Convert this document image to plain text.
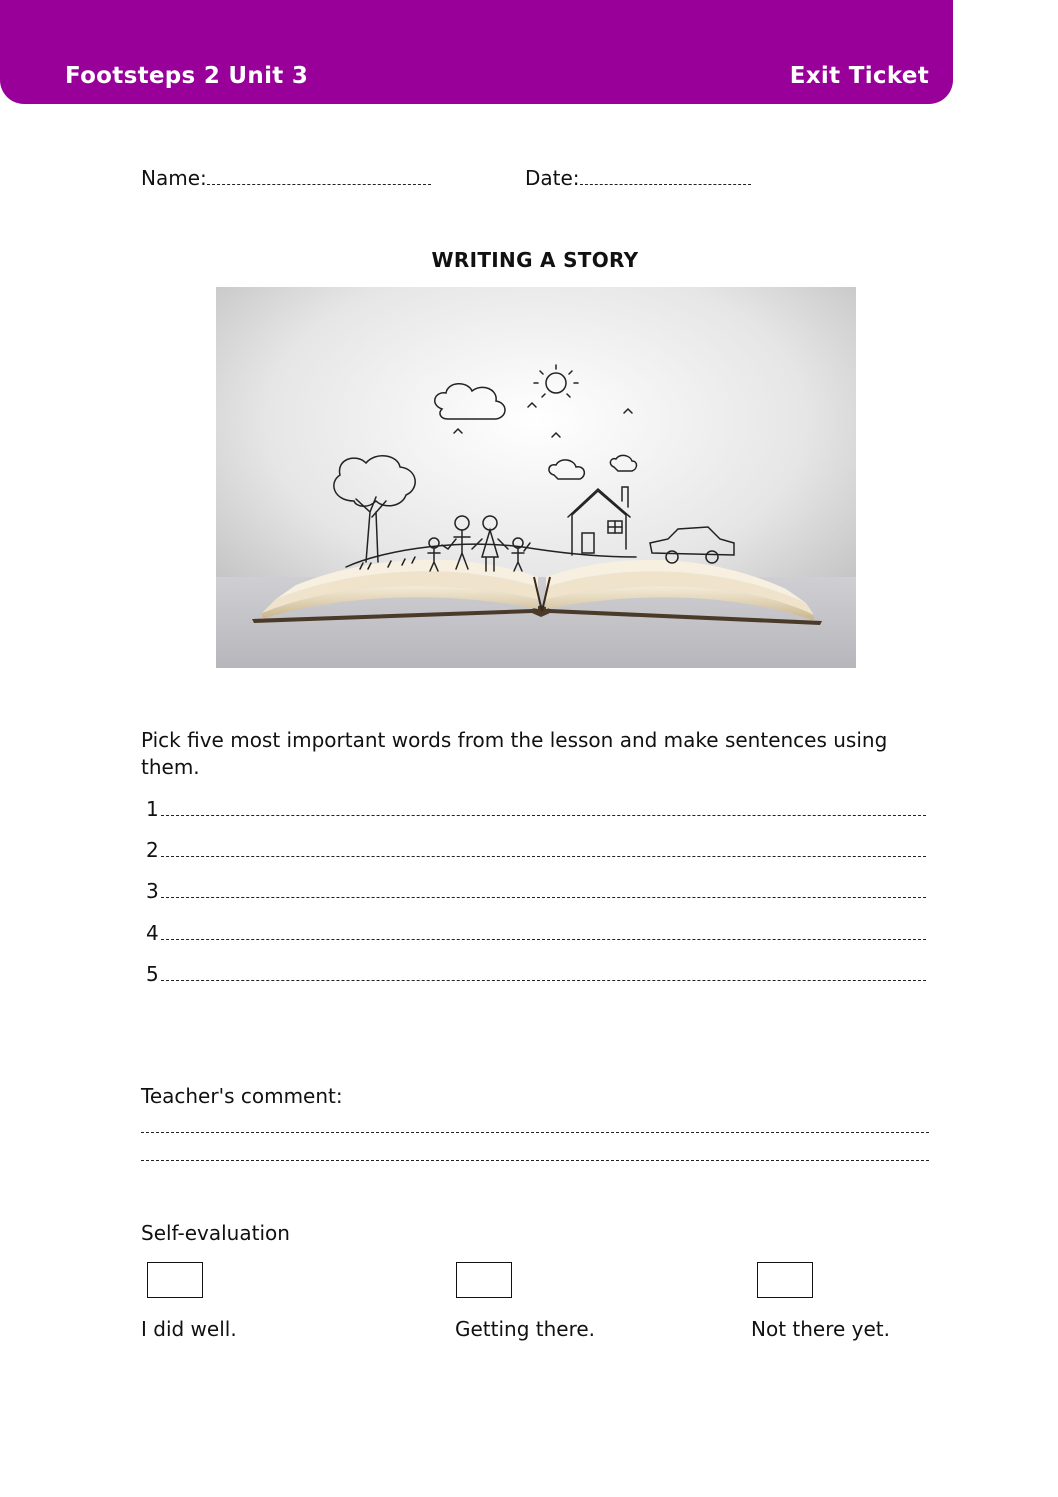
Footsteps 2 Unit 3	Exit Ticket
Name:	Date:
WRITING A STORY
Pick five most important words from the lesson and make sentences using them.
1
2
3
4
5
Teacher's comment:
Self-evaluation
I did well.	Getting there.	Not there yet.
